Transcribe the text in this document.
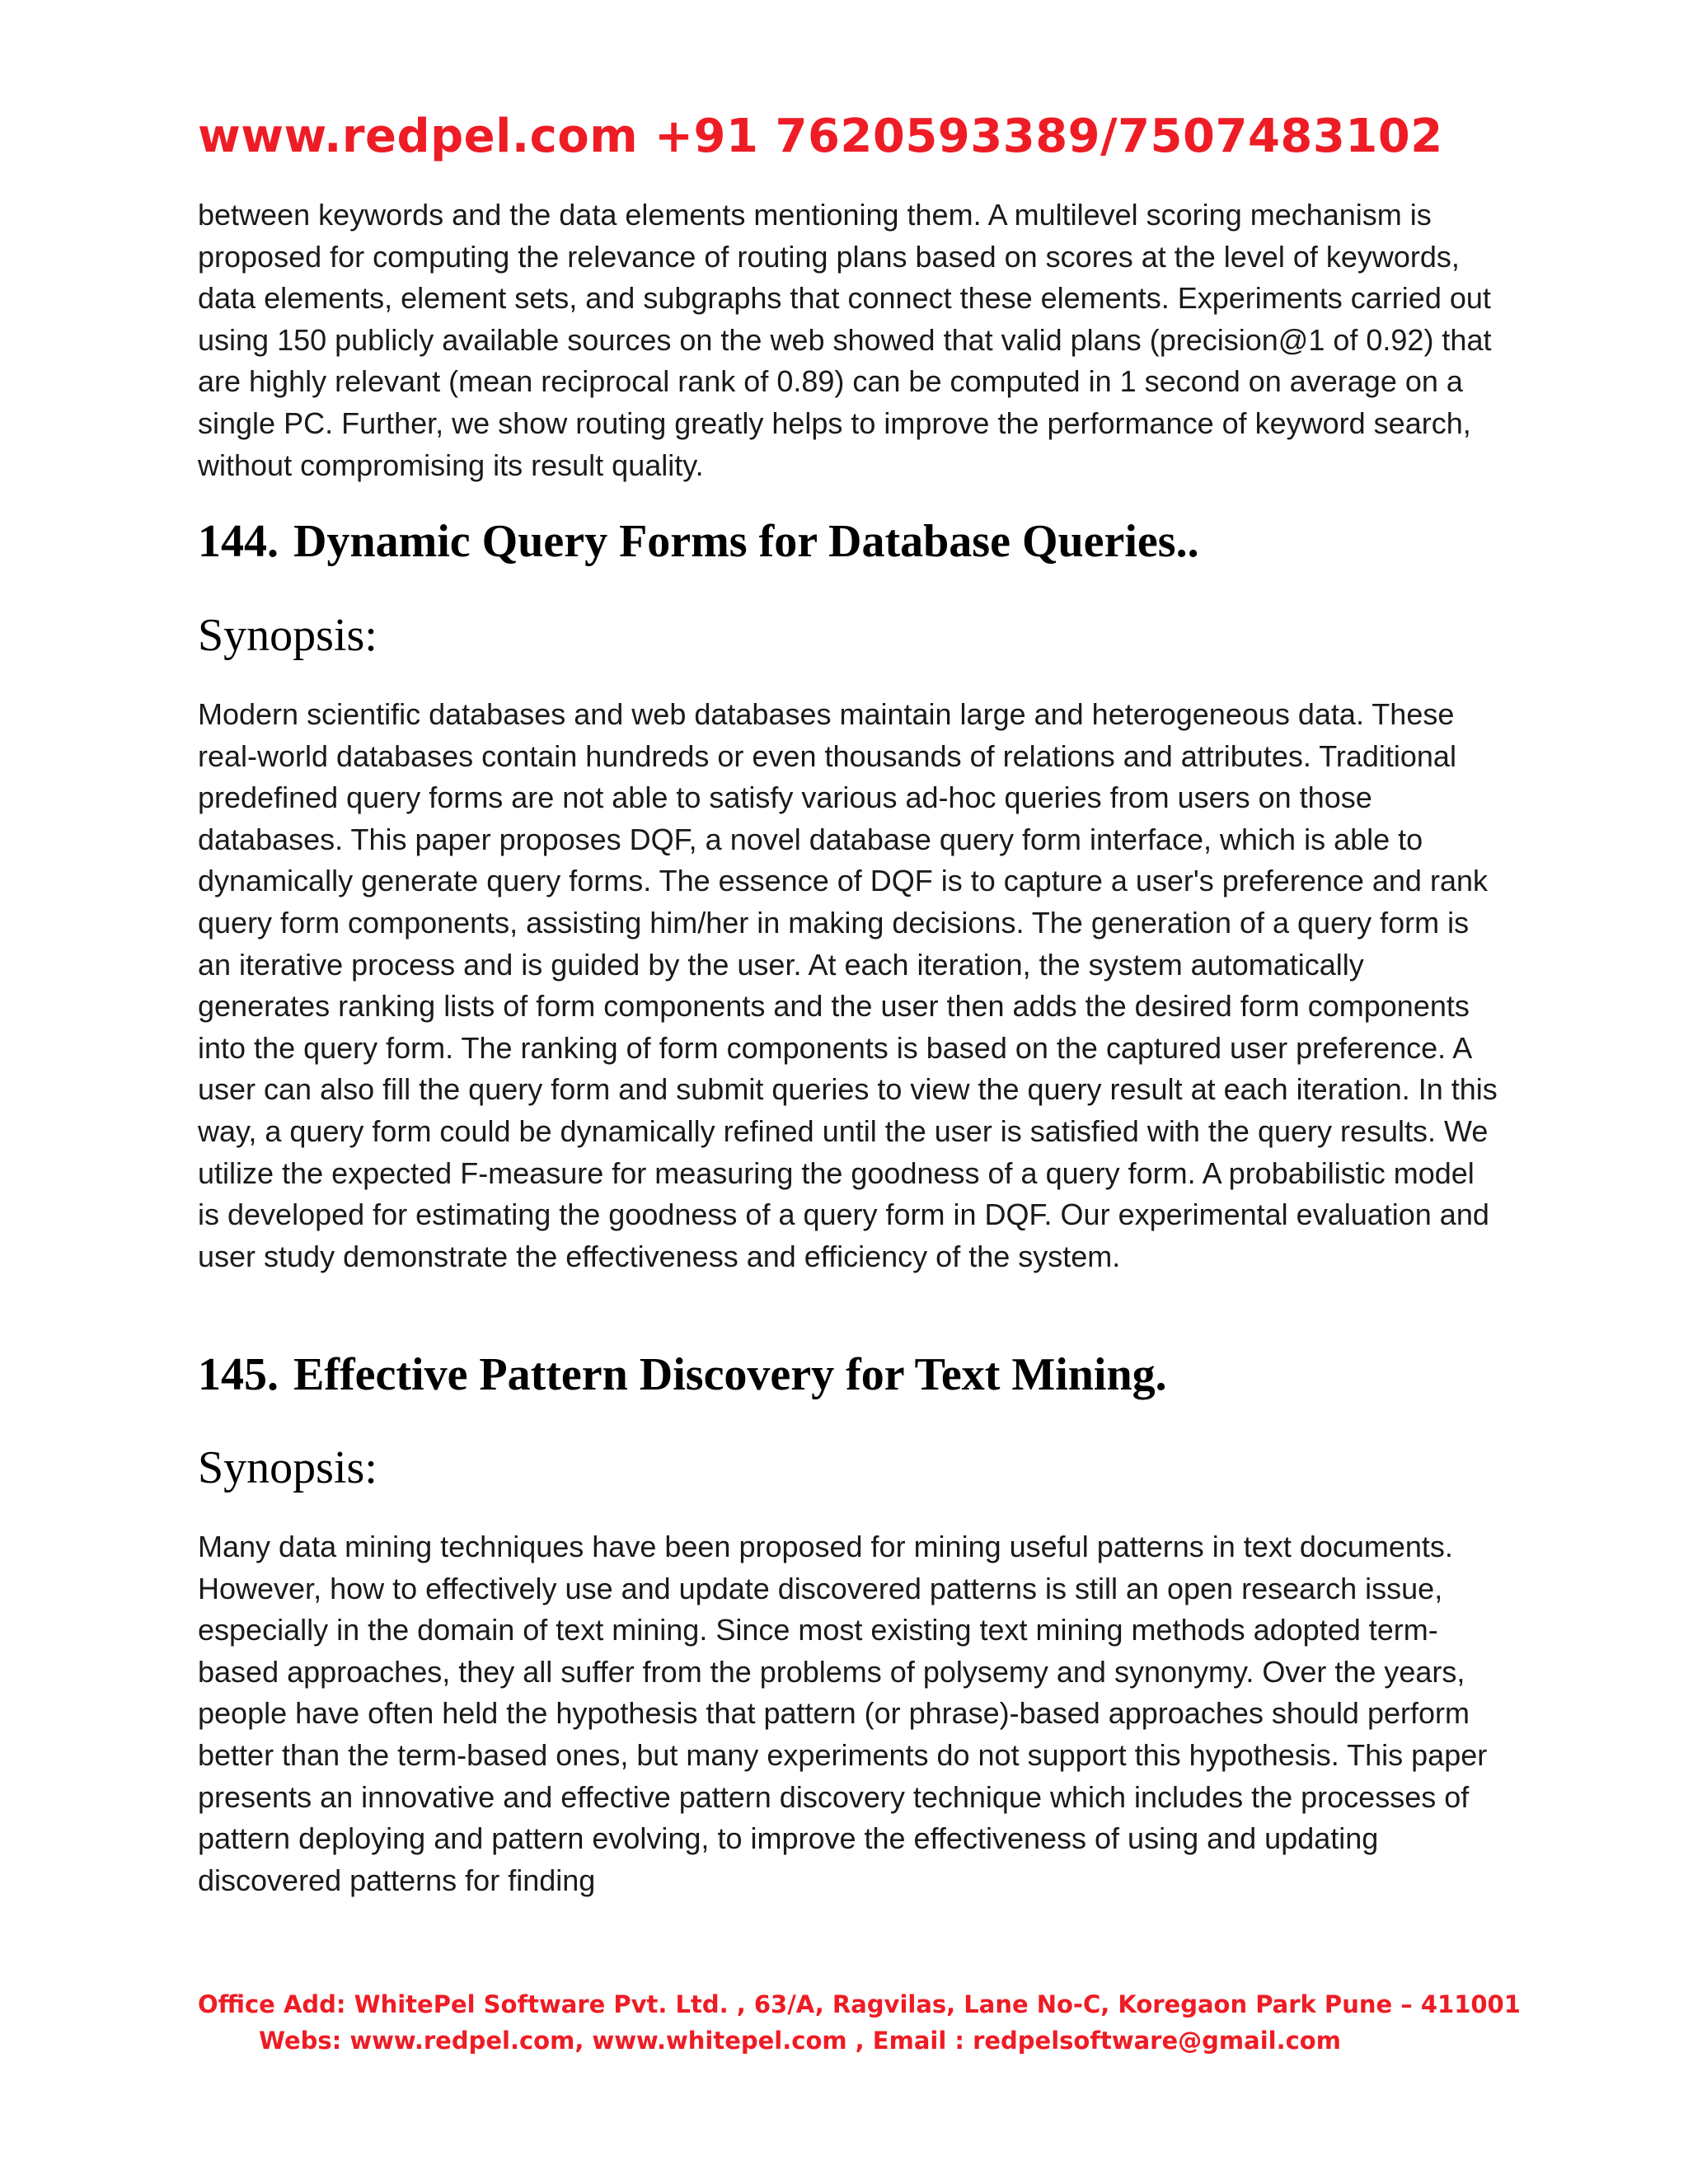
www.redpel.com +91 7620593389/7507483102

between keywords and the data elements mentioning them. A multilevel scoring mechanism is proposed for computing the relevance of routing plans based on scores at the level of keywords, data elements, element sets, and subgraphs that connect these elements. Experiments carried out using 150 publicly available sources on the web showed that valid plans (precision@1 of 0.92) that are highly relevant (mean reciprocal rank of 0.89) can be computed in 1 second on average on a single PC. Further, we show routing greatly helps to improve the performance of keyword search, without compromising its result quality.

144. Dynamic Query Forms for Database Queries..
Synopsis:

Modern scientific databases and web databases maintain large and heterogeneous data. These real-world databases contain hundreds or even thousands of relations and attributes. Traditional predefined query forms are not able to satisfy various ad-hoc queries from users on those databases. This paper proposes DQF, a novel database query form interface, which is able to dynamically generate query forms. The essence of DQF is to capture a user's preference and rank query form components, assisting him/her in making decisions. The generation of a query form is an iterative process and is guided by the user. At each iteration, the system automatically generates ranking lists of form components and the user then adds the desired form components into the query form. The ranking of form components is based on the captured user preference. A user can also fill the query form and submit queries to view the query result at each iteration. In this way, a query form could be dynamically refined until the user is satisfied with the query results. We utilize the expected F-measure for measuring the goodness of a query form. A probabilistic model is developed for estimating the goodness of a query form in DQF. Our experimental evaluation and user study demonstrate the effectiveness and efficiency of the system.

145. Effective Pattern Discovery for Text Mining.
Synopsis:

Many data mining techniques have been proposed for mining useful patterns in text documents. However, how to effectively use and update discovered patterns is still an open research issue, especially in the domain of text mining. Since most existing text mining methods adopted term-based approaches, they all suffer from the problems of polysemy and synonymy. Over the years, people have often held the hypothesis that pattern (or phrase)-based approaches should perform better than the term-based ones, but many experiments do not support this hypothesis. This paper presents an innovative and effective pattern discovery technique which includes the processes of pattern deploying and pattern evolving, to improve the effectiveness of using and updating discovered patterns for finding

Office Add: WhitePel Software Pvt. Ltd. , 63/A, Ragvilas, Lane No-C, Koregaon Park Pune – 411001
Webs: www.redpel.com, www.whitepel.com , Email : redpelsoftware@gmail.com
